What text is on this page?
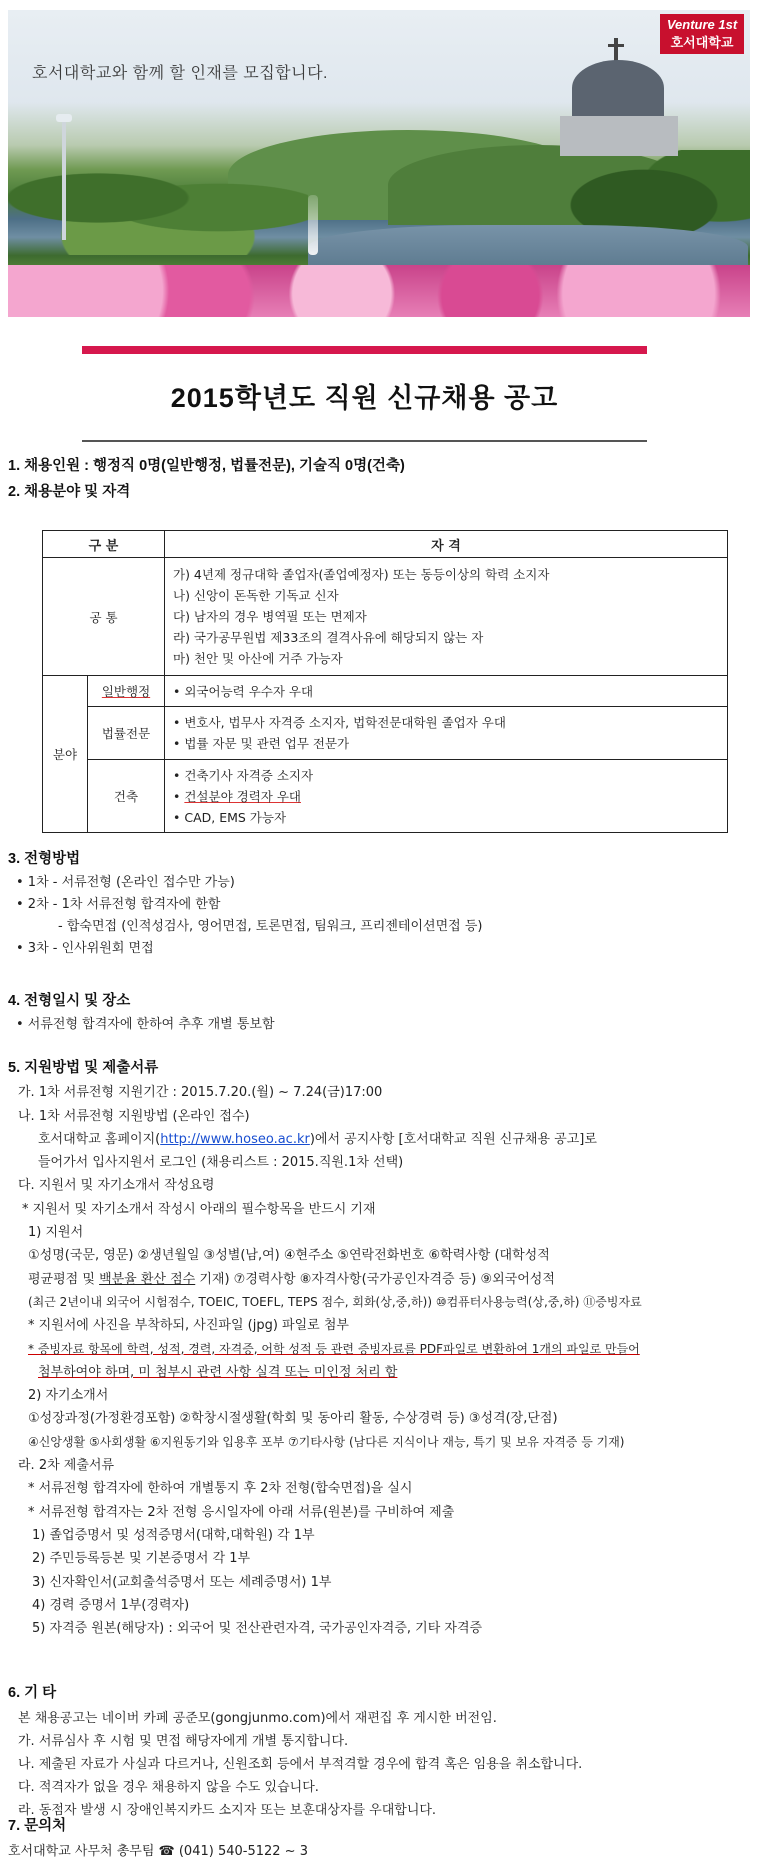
호서대학교와 함께 할 인재를 모집합니다.
Venture 1st
호서대학교
2015학년도 직원 신규채용 공고
1. 채용인원 : 행정직 0명(일반행정, 법률전문), 기술직 0명(건축)
2. 채용분야 및 자격
구 분		자 격
공 통		가) 4년제 정규대학 졸업자(졸업예정자) 또는 동등이상의 학력 소지자
나) 신앙이 돈독한 기독교 신자
다) 남자의 경우 병역필 또는 면제자
라) 국가공무원법 제33조의 결격사유에 해당되지 않는 자
마) 천안 및 아산에 거주 가능자

분야	일반행정	• 외국어능력 우수자 우대

	법률전문	• 변호사, 법무사 자격증 소지자, 법학전문대학원 졸업자 우대
• 법률 자문 및 관련 업무 전문가

	건축	• 건축기사 자격증 소지자
• 건설분야 경력자 우대
• CAD, EMS 가능자
3. 전형방법
• 1차 - 서류전형 (온라인 접수만 가능)
• 2차 - 1차 서류전형 합격자에 한함
- 합숙면접 (인적성검사, 영어면접, 토론면접, 팀워크, 프리젠테이션면접 등)
• 3차 - 인사위원회 면접
4. 전형일시 및 장소
• 서류전형 합격자에 한하여 추후 개별 통보함
5. 지원방법 및 제출서류
가. 1차 서류전형 지원기간 : 2015.7.20.(월) ~ 7.24(금)17:00
나. 1차 서류전형 지원방법 (온라인 접수)
호서대학교 홈페이지(http://www.hoseo.ac.kr)에서 공지사항 [호서대학교 직원 신규채용 공고]로
들어가서 입사지원서 로그인 (채용리스트 : 2015.직원.1차 선택)
다. 지원서 및 자기소개서 작성요령
* 지원서 및 자기소개서 작성시 아래의 필수항목을 반드시 기재
1) 지원서
①성명(국문, 영문) ②생년월일 ③성별(남,여) ④현주소 ⑤연락전화번호 ⑥학력사항 (대학성적
평균평점 및 백분율 환산 점수 기재) ⑦경력사항 ⑧자격사항(국가공인자격증 등) ⑨외국어성적
(최근 2년이내 외국어 시험점수, TOEIC, TOEFL, TEPS 점수, 회화(상,중,하)) ⑩컴퓨터사용능력(상,중,하) ⑪증빙자료
* 지원서에 사진을 부착하되, 사진파일 (jpg) 파일로 첨부
* 증빙자료 항목에 학력, 성적, 경력, 자격증, 어학 성적 등 관련 증빙자료를 PDF파일로 변환하여 1개의 파일로 만들어
첨부하여야 하며, 미 첨부시 관련 사항 실격 또는 미인정 처리 함
2) 자기소개서
①성장과정(가정환경포함) ②학창시절생활(학회 및 동아리 활동, 수상경력 등) ③성격(장,단점)
④신앙생활 ⑤사회생활 ⑥지원동기와 입용후 포부 ⑦기타사항 (남다른 지식이나 재능, 특기 및 보유 자격증 등 기재)
라. 2차 제출서류
* 서류전형 합격자에 한하여 개별통지 후 2차 전형(합숙면접)을 실시
* 서류전형 합격자는 2차 전형 응시일자에 아래 서류(원본)를 구비하여 제출
1) 졸업증명서 및 성적증명서(대학,대학원) 각 1부
2) 주민등록등본 및 기본증명서 각 1부
3) 신자확인서(교회출석증명서 또는 세례증명서) 1부
4) 경력 증명서 1부(경력자)
5) 자격증 원본(해당자) : 외국어 및 전산관련자격, 국가공인자격증, 기타 자격증
6. 기 타
본 채용공고는 네이버 카페 공준모(gongjunmo.com)에서 재편집 후 게시한 버전임.
가. 서류심사 후 시험 및 면접 해당자에게 개별 통지합니다.
나. 제출된 자료가 사실과 다르거나, 신원조회 등에서 부적격할 경우에 합격 혹은 임용을 취소합니다.
다. 적격자가 없을 경우 채용하지 않을 수도 있습니다.
라. 동점자 발생 시 장애인복지카드 소지자 또는 보훈대상자를 우대합니다.
7. 문의처
호서대학교 사무처 총무팀 ☎ (041) 540-5122 ~ 3
